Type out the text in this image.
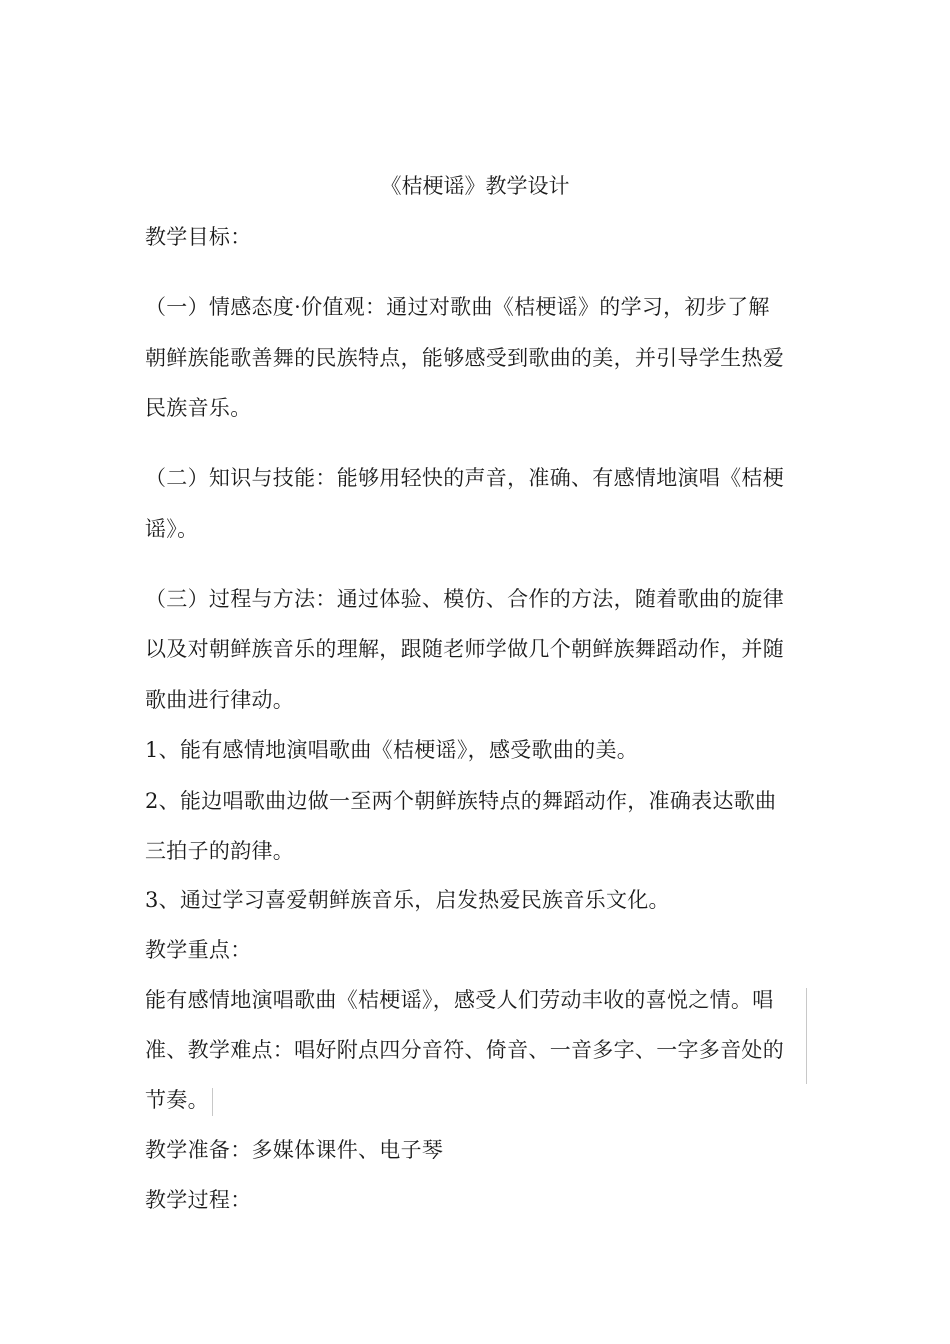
《桔梗谣》教学设计
教学目标：
（一）情感态度·价值观：通过对歌曲《桔梗谣》的学习，初步了解
朝鲜族能歌善舞的民族特点，能够感受到歌曲的美，并引导学生热爱
民族音乐。
（二）知识与技能：能够用轻快的声音，准确、有感情地演唱《桔梗
谣》。
（三）过程与方法：通过体验、模仿、合作的方法，随着歌曲的旋律
以及对朝鲜族音乐的理解，跟随老师学做几个朝鲜族舞蹈动作，并随
歌曲进行律动。
1、能有感情地演唱歌曲《桔梗谣》，感受歌曲的美。
2、能边唱歌曲边做一至两个朝鲜族特点的舞蹈动作，准确表达歌曲
三拍子的韵律。
3、通过学习喜爱朝鲜族音乐，启发热爱民族音乐文化。
教学重点：
能有感情地演唱歌曲《桔梗谣》，感受人们劳动丰收的喜悦之情。唱
准、教学难点：唱好附点四分音符、倚音、一音多字、一字多音处的
节奏。
教学准备：多媒体课件、电子琴
教学过程：
